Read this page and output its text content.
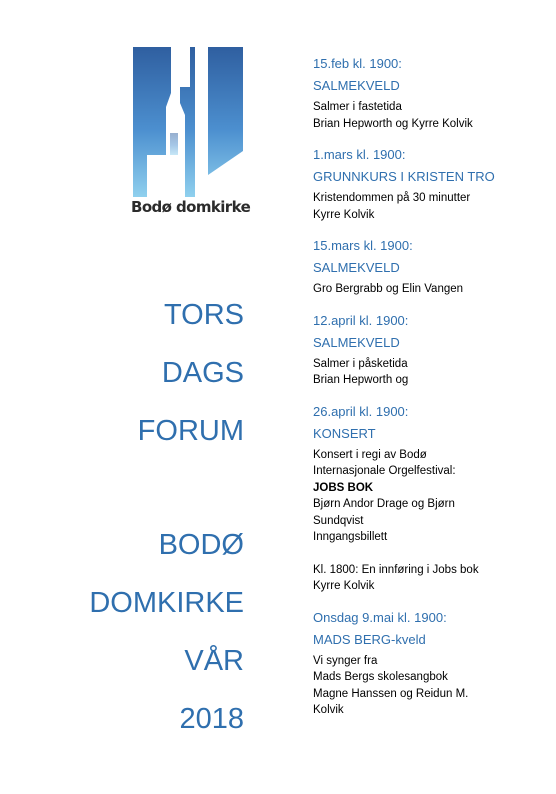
Bodø domkirke
TORS
DAGS
FORUM
BODØ
DOMKIRKE
VÅR
2018
15.feb kl. 1900:
SALMEKVELD
Salmer i fastetida
Brian Hepworth og Kyrre Kolvik
1.mars kl. 1900:
GRUNNKURS I KRISTEN TRO
Kristendommen på 30 minutter
Kyrre Kolvik
15.mars kl. 1900:
SALMEKVELD
Gro Bergrabb og Elin Vangen
12.april kl. 1900:
SALMEKVELD
Salmer i påsketida
Brian Hepworth og
26.april kl. 1900:
KONSERT
Konsert i regi av Bodø
Internasjonale Orgelfestival:
JOBS BOK
Bjørn Andor Drage og Bjørn
Sundqvist
Inngangsbillett
Kl. 1800: En innføring i Jobs bok
Kyrre Kolvik
Onsdag 9.mai kl. 1900:
MADS BERG-kveld
Vi synger fra
Mads Bergs skolesangbok
Magne Hanssen og Reidun M.
Kolvik
